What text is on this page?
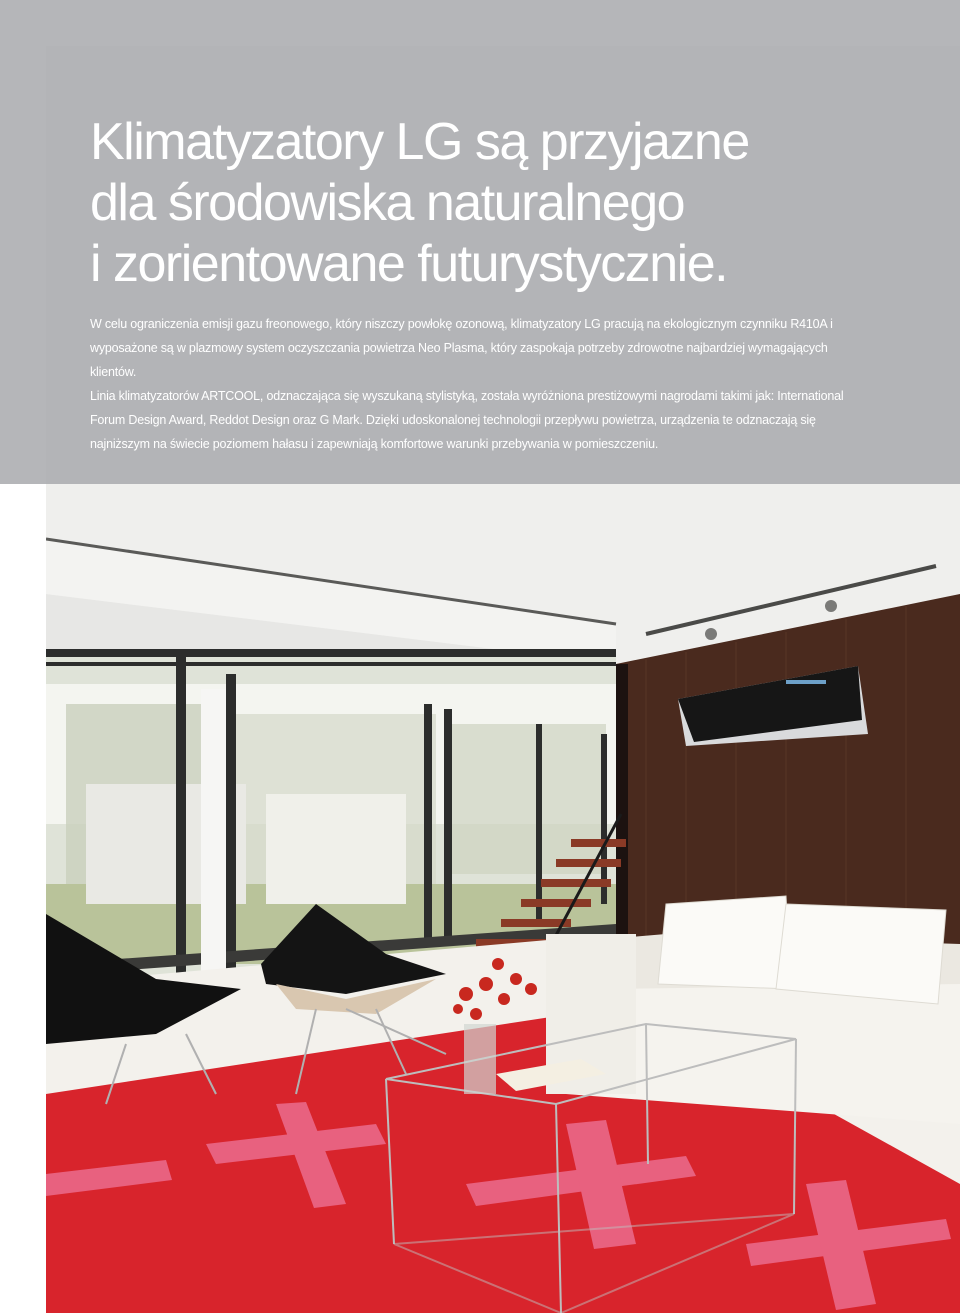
Klimatyzatory LG są przyjazne
dla środowiska naturalnego
i zorientowane futurystycznie.

W celu ograniczenia emisji gazu freonowego, który niszczy powłokę ozonową, klimatyzatory LG pracują na ekologicznym czynniku R410A i wyposażone są w plazmowy system oczyszczania powietrza Neo Plasma, który zaspokaja potrzeby zdrowotne najbardziej wymagających klientów.

Linia klimatyzatorów ARTCOOL, odznaczająca się wyszukaną stylistyką, została wyróżniona prestiżowymi nagrodami takimi jak: International Forum Design Award, Reddot Design oraz G Mark. Dzięki udoskonalonej technologii przepływu powietrza, urządzenia te odznaczają się najniższym na świecie poziomem hałasu i zapewniają komfortowe warunki przebywania w pomieszczeniu.
